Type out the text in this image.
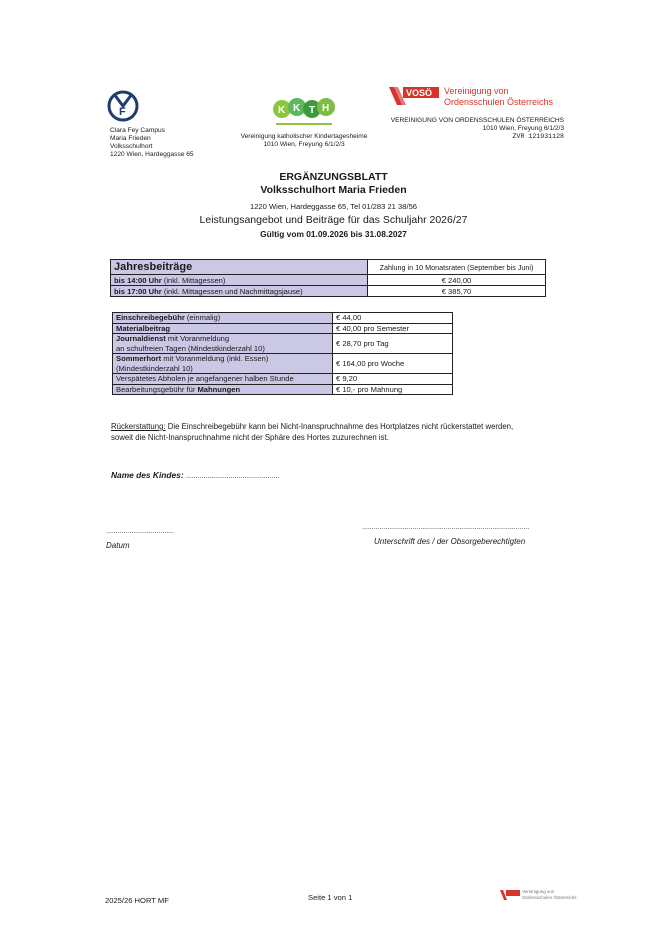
F
Clara Fey Campus
Maria Frieden
Volksschulhort
1220 Wien, Hardeggasse 65
K K T H
Vereinigung katholischer Kindertagesheime
1010 Wien, Freyung 6/1/2/3
VOSÖ Vereinigung von
Ordensschulen Österreichs
VEREINIGUNG VON ORDENSSCHULEN ÖSTERREICHS
1010 Wien, Freyung 6/1/2/3
ZVR 121931128
ERGÄNZUNGSBLATT
Volksschulhort Maria Frieden
1220 Wien, Hardeggasse 65, Tel 01/283 21 38/56
Leistungsangebot und Beiträge für das Schuljahr 2026/27
Gültig vom 01.09.2026 bis 31.08.2027
Jahresbeiträge	Zahlung in 10 Monatsraten (September bis Juni)
bis 14:00 Uhr (inkl. Mittagessen)	€ 240,00
bis 17:00 Uhr (inkl. Mittagessen und Nachmittagsjause)	€ 385,70
Einschreibegebühr (einmalig)	€ 44,00
Materialbeitrag	€ 40,00 pro Semester
Journaldienst mit Voranmeldung
an schulfreien Tagen (Mindestkinderzahl 10)	€ 28,70 pro Tag
Sommerhort mit Voranmeldung (inkl. Essen)
(Mindestkinderzahl 10)	€ 164,00 pro Woche
Verspätetes Abholen je angefangener halben Stunde	€ 9,20
Bearbeitungsgebühr für Mahnungen	€ 10,- pro Mahnung
Rückerstattung: Die Einschreibegebühr kann bei Nicht-Inanspruchnahme des Hortplatzes nicht rückerstattet werden,
soweit die Nicht-Inanspruchnahme nicht der Sphäre des Hortes zuzurechnen ist.
Name des Kindes: ................................................
...................................
Datum
......................................................................................
Unterschrift des / der Obsorgeberechtigten
2025/26 HORT MF	Seite 1 von 1
Vereinigung von
Ordensschulen Österreichs
